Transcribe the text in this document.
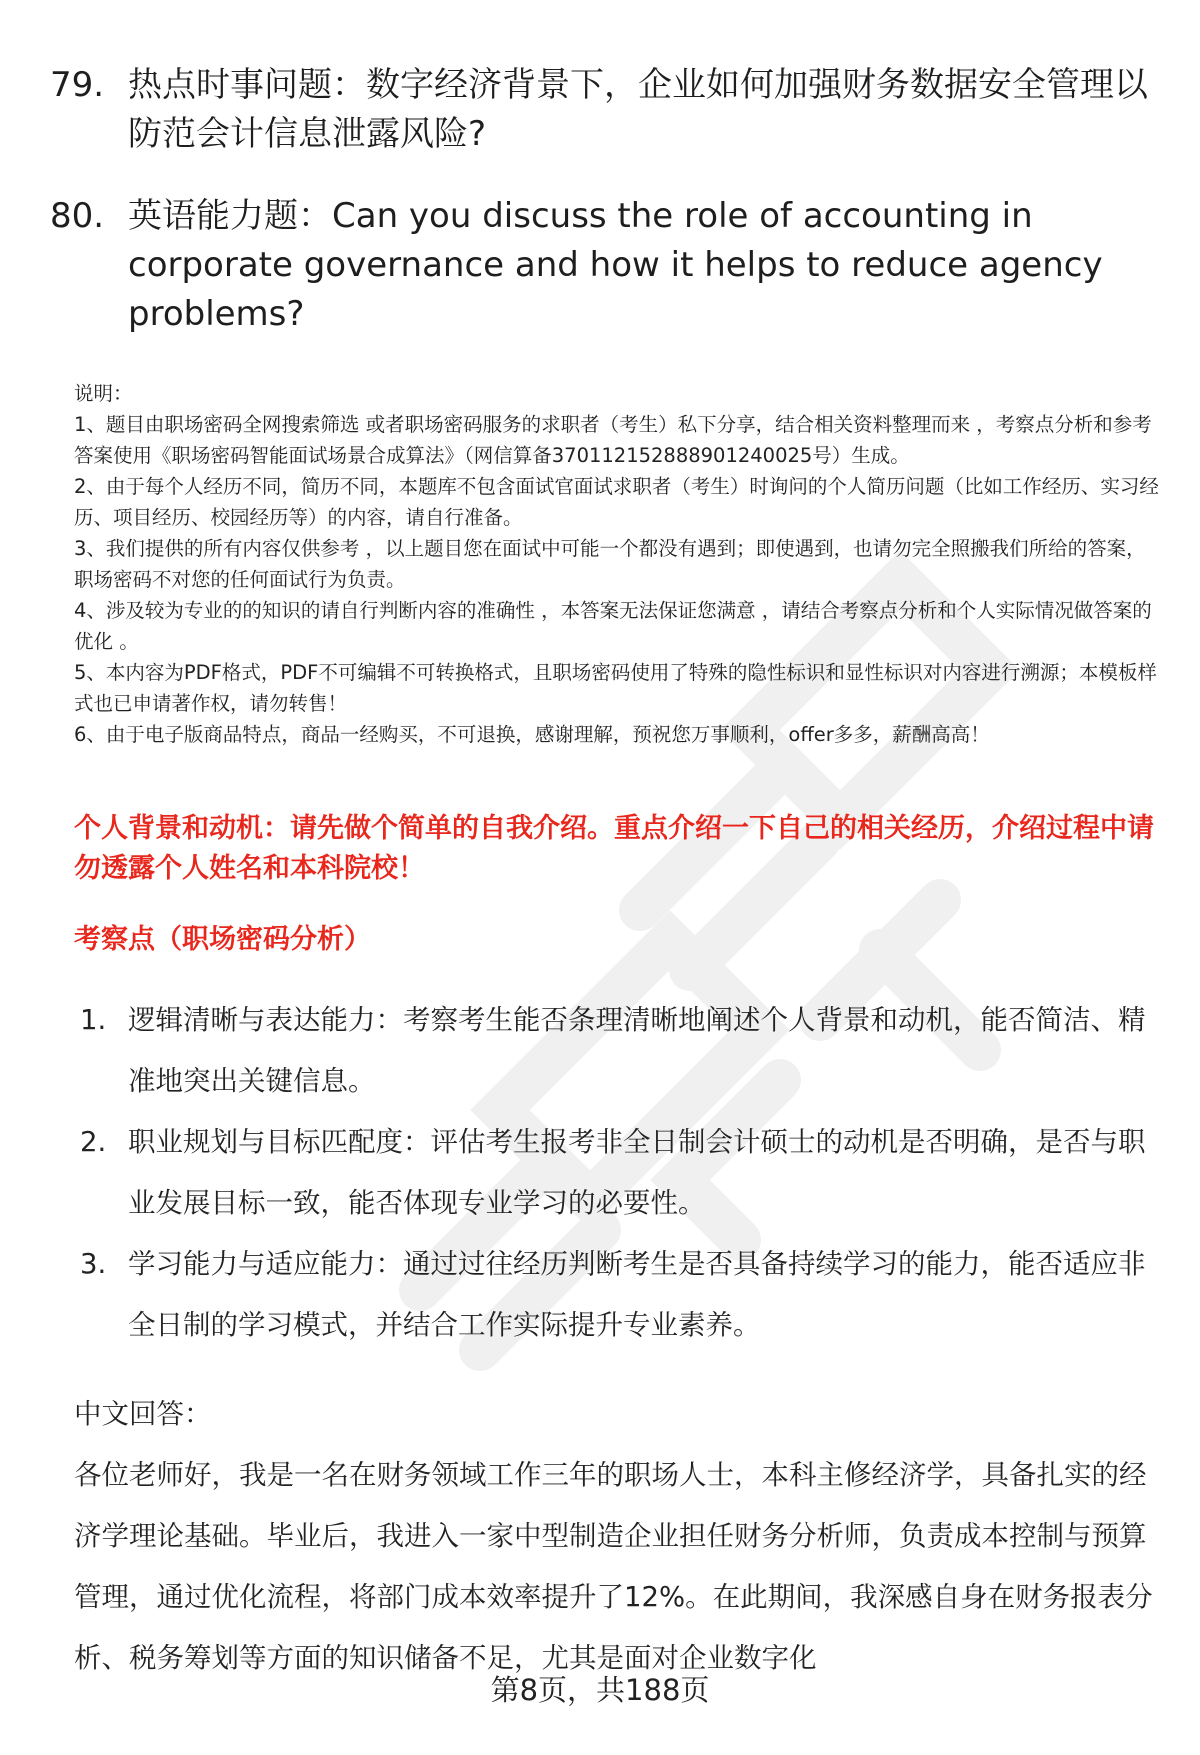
79. 热点时事问题：数字经济背景下，企业如何加强财务数据安全管理以防范会计信息泄露风险?
80. 英语能力题：Can you discuss the role of accounting in corporate governance and how it helps to reduce agency problems?

说明：

1、题目由职场密码全网搜索筛选 或者职场密码服务的求职者（考生）私下分享，结合相关资料整理而来 ，考察点分析和参考答案使用《职场密码智能面试场景合成算法》（网信算备370112152888901240025号）生成。

2、由于每个人经历不同，简历不同，本题库不包含面试官面试求职者（考生）时询问的个人简历问题（比如工作经历、实习经历、项目经历、校园经历等）的内容，请自行准备。

3、我们提供的所有内容仅供参考 ，以上题目您在面试中可能一个都没有遇到；即使遇到，也请勿完全照搬我们所给的答案，职场密码不对您的任何面试行为负责。

4、涉及较为专业的的知识的请自行判断内容的准确性 ，本答案无法保证您满意 ，请结合考察点分析和个人实际情况做答案的优化 。

5、本内容为PDF格式，PDF不可编辑不可转换格式，且职场密码使用了特殊的隐性标识和显性标识对内容进行溯源；本模板样式也已申请著作权，请勿转售！

6、由于电子版商品特点，商品一经购买，不可退换，感谢理解，预祝您万事顺利，offer多多，薪酬高高！

个人背景和动机：请先做个简单的自我介绍。重点介绍一下自己的相关经历，介绍过程中请勿透露个人姓名和本科院校！
考察点（职场密码分析）
1. 逻辑清晰与表达能力：考察考生能否条理清晰地阐述个人背景和动机，能否简洁、精准地突出关键信息。
2. 职业规划与目标匹配度：评估考生报考非全日制会计硕士的动机是否明确，是否与职业发展目标一致，能否体现专业学习的必要性。
3. 学习能力与适应能力：通过过往经历判断考生是否具备持续学习的能力，能否适应非全日制的学习模式，并结合工作实际提升专业素养。

中文回答：

各位老师好，我是一名在财务领域工作三年的职场人士，本科主修经济学，具备扎实的经济学理论基础。毕业后，我进入一家中型制造企业担任财务分析师，负责成本控制与预算管理，通过优化流程，将部门成本效率提升了12%。在此期间，我深感自身在财务报表分析、税务筹划等方面的知识储备不足，尤其是面对企业数字化

第8页，共188页
